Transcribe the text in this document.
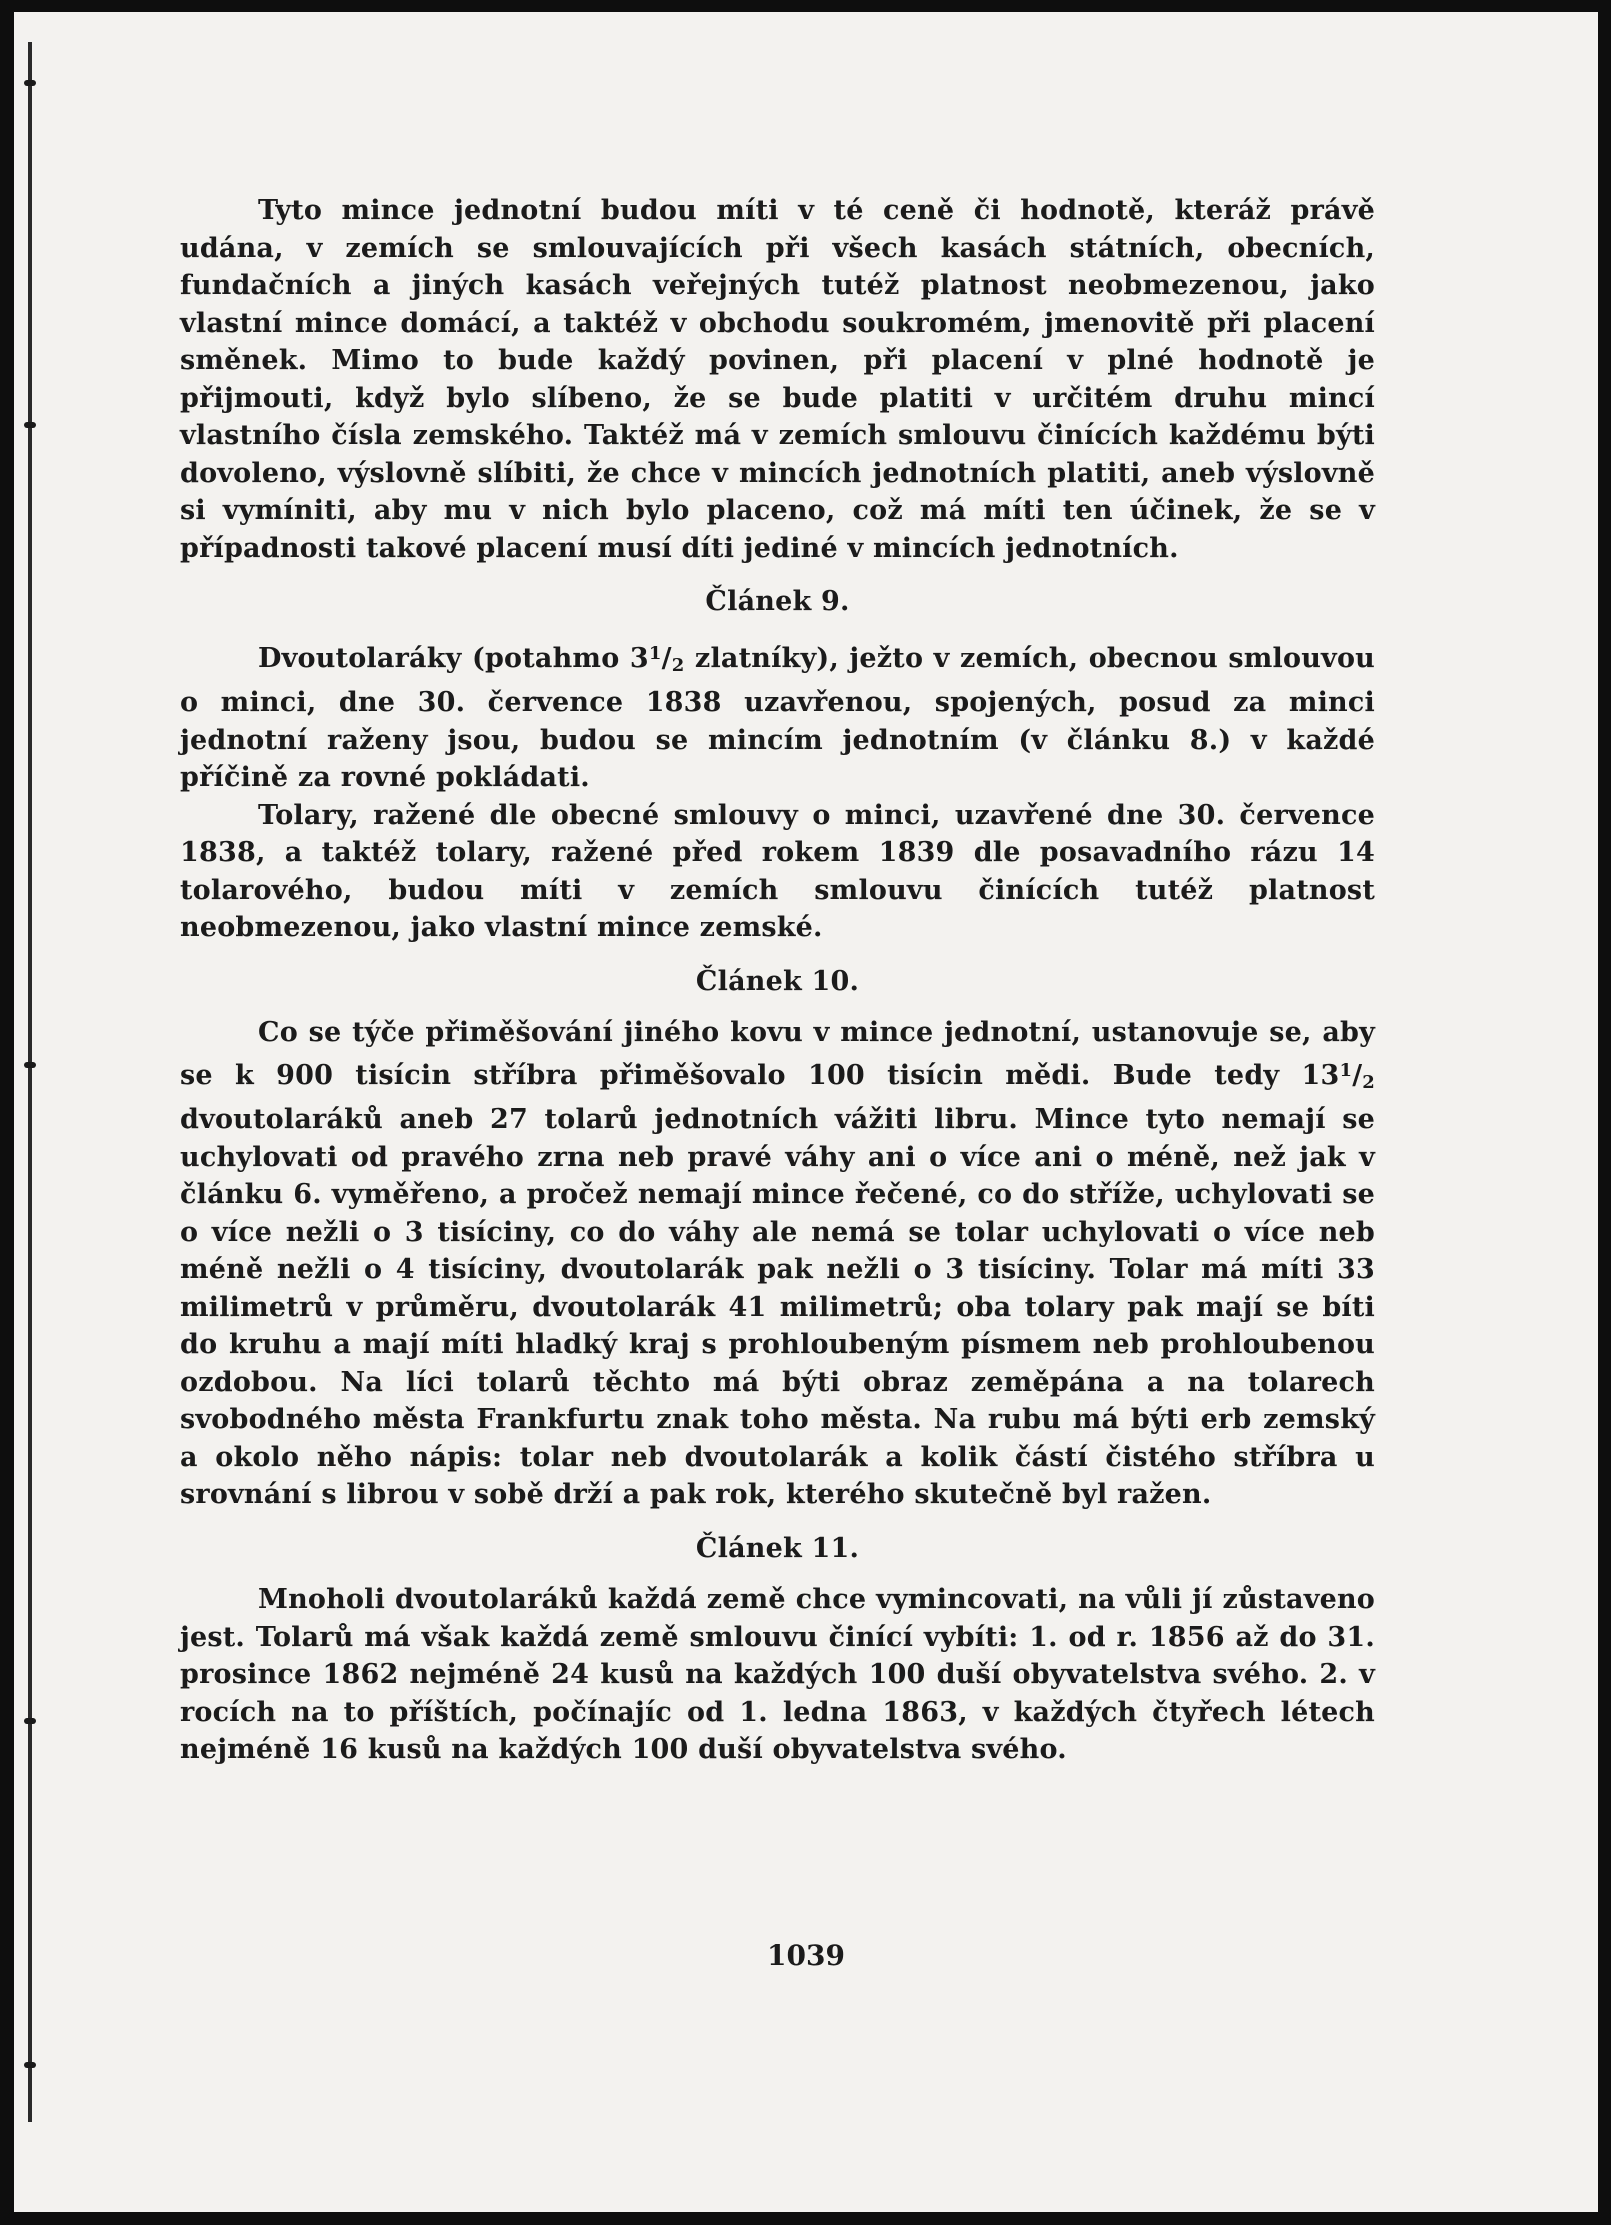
Tyto mince jednotní budou míti v té ceně či hodnotě, kteráž právě udána, v zemích se smlouvajících při všech kasách státních, obecních, fundačních a jiných kasách veřejných tutéž platnost neobmezenou, jako vlastní mince domácí, a taktéž v obchodu soukromém, jmenovitě při placení směnek. Mimo to bude každý povinen, při placení v plné hodnotě je přijmouti, když bylo slíbeno, že se bude platiti v určitém druhu mincí vlastního čísla zemského. Taktéž má v zemích smlouvu činících každému býti dovoleno, výslovně slíbiti, že chce v mincích jednotních platiti, aneb výslovně si vymíniti, aby mu v nich bylo placeno, což má míti ten účinek, že se v případnosti takové placení musí díti jediné v mincích jednotních.

Článek 9.

Dvoutolaráky (potahmo $3^1/2$ zlatníky), ježto v zemích, obecnou smlouvou o minci, dne 30. července 1838 uzavřenou, spojených, posud za minci jednotní raženy jsou, budou se mincím jednotním (v článku 8.) v každé příčině za rovné pokládati.

Tolary, ražené dle obecné smlouvy o minci, uzavřené dne 30. července 1838, a taktéž tolary, ražené před rokem 1839 dle posavadního rázu 14 tolarového, budou míti v zemích smlouvu činících tutéž platnost neobmezenou, jako vlastní mince zemské.

Článek 10.

Co se týče přiměšování jiného kovu v mince jednotní, ustanovuje se, aby se k 900 tisícin stříbra přiměšovalo 100 tisícin mědi. Bude tedy $13^1/2$ dvoutolaráků aneb 27 tolarů jednotních vážiti libru. Mince tyto nemají se uchylovati od pravého zrna neb pravé váhy ani o více ani o méně, než jak v článku 6. vyměřeno, a pročež nemají mince řečené, co do stříže, uchylovati se o více nežli o 3 tisíciny, co do váhy ale nemá se tolar uchylovati o více neb méně nežli o 4 tisíciny, dvoutolarák pak nežli o 3 tisíciny. Tolar má míti 33 milimetrů v průměru, dvoutolarák 41 milimetrů; oba tolary pak mají se bíti do kruhu a mají míti hladký kraj s prohloubeným písmem neb prohloubenou ozdobou. Na líci tolarů těchto má býti obraz zeměpána a na tolarech svobodného města Frankfurtu znak toho města. Na rubu má býti erb zemský a okolo něho nápis: tolar neb dvoutolarák a kolik částí čistého stříbra u srovnání s librou v sobě drží a pak rok, kterého skutečně byl ražen.

Článek 11.

Mnoholi dvoutolaráků každá země chce vymincovati, na vůli jí zůstaveno jest. Tolarů má však každá země smlouvu činící vybíti: 1. od r. 1856 až do 31. prosince 1862 nejméně 24 kusů na každých 100 duší obyvatelstva svého. 2. v rocích na to příštích, počínajíc od 1. ledna 1863, v každých čtyřech létech nejméně 16 kusů na každých 100 duší obyvatelstva svého.

1039
